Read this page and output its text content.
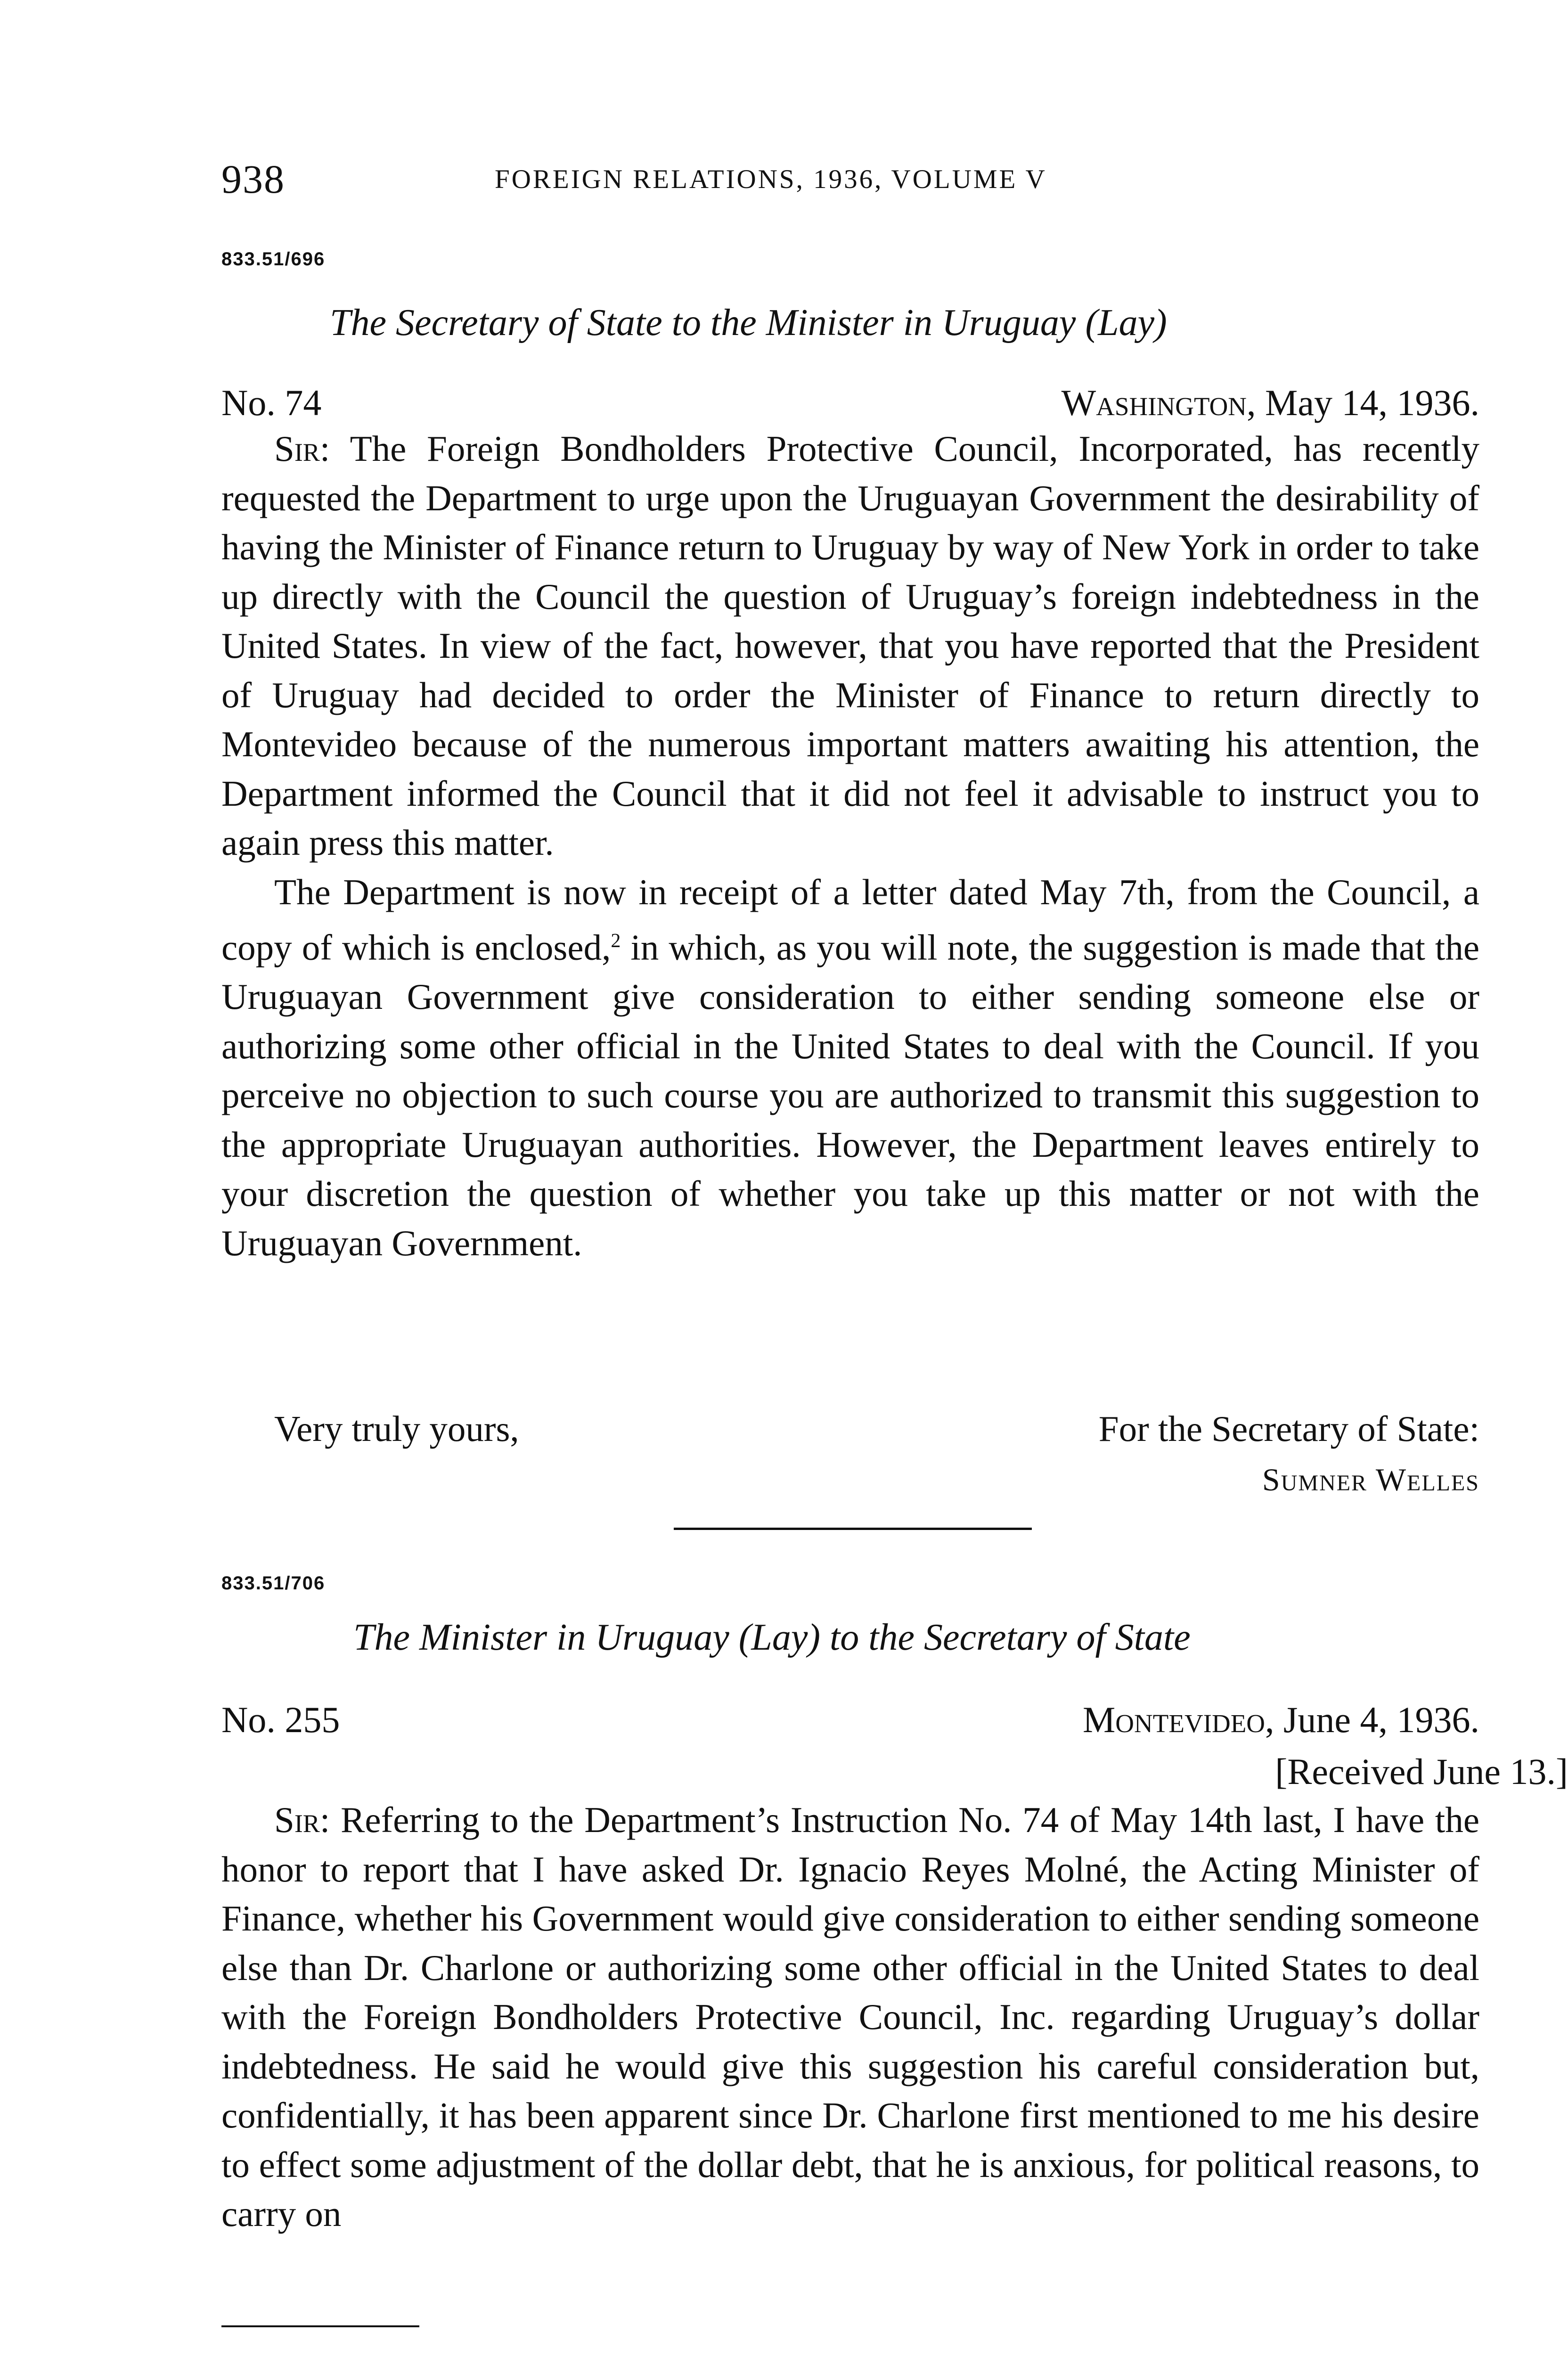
938	FOREIGN RELATIONS, 1936, VOLUME V
833.51/696
The Secretary of State to the Minister in Uruguay (Lay)
No. 74	Washington, May 14, 1936.

Sir: The Foreign Bondholders Protective Council, Incorporated, has recently requested the Department to urge upon the Uruguayan Government the desirability of having the Minister of Finance return to Uruguay by way of New York in order to take up directly with the Council the question of Uruguay’s foreign indebtedness in the United States. In view of the fact, however, that you have reported that the President of Uruguay had decided to order the Minister of Finance to return directly to Montevideo because of the numerous important matters awaiting his attention, the Department informed the Council that it did not feel it advisable to instruct you to again press this matter.

The Department is now in receipt of a letter dated May 7th, from the Council, a copy of which is enclosed,$^2$ in which, as you will note, the suggestion is made that the Uruguayan Government give consideration to either sending someone else or authorizing some other official in the United States to deal with the Council. If you perceive no objection to such course you are authorized to transmit this suggestion to the appropriate Uruguayan authorities. However, the Department leaves entirely to your discretion the question of whether you take up this matter or not with the Uruguayan Government.

Very truly yours,	For the Secretary of State:
Sumner Welles
833.51/706
The Minister in Uruguay (Lay) to the Secretary of State
No. 255	Montevideo, June 4, 1936.
[Received June 13.]

Sir: Referring to the Department’s Instruction No. 74 of May 14th last, I have the honor to report that I have asked Dr. Ignacio Reyes Molné, the Acting Minister of Finance, whether his Government would give consideration to either sending someone else than Dr. Charlone or authorizing some other official in the United States to deal with the Foreign Bondholders Protective Council, Inc. regarding Uruguay’s dollar indebtedness. He said he would give this suggestion his careful consideration but, confidentially, it has been apparent since Dr. Charlone first mentioned to me his desire to effect some adjustment of the dollar debt, that he is anxious, for political reasons, to carry on
